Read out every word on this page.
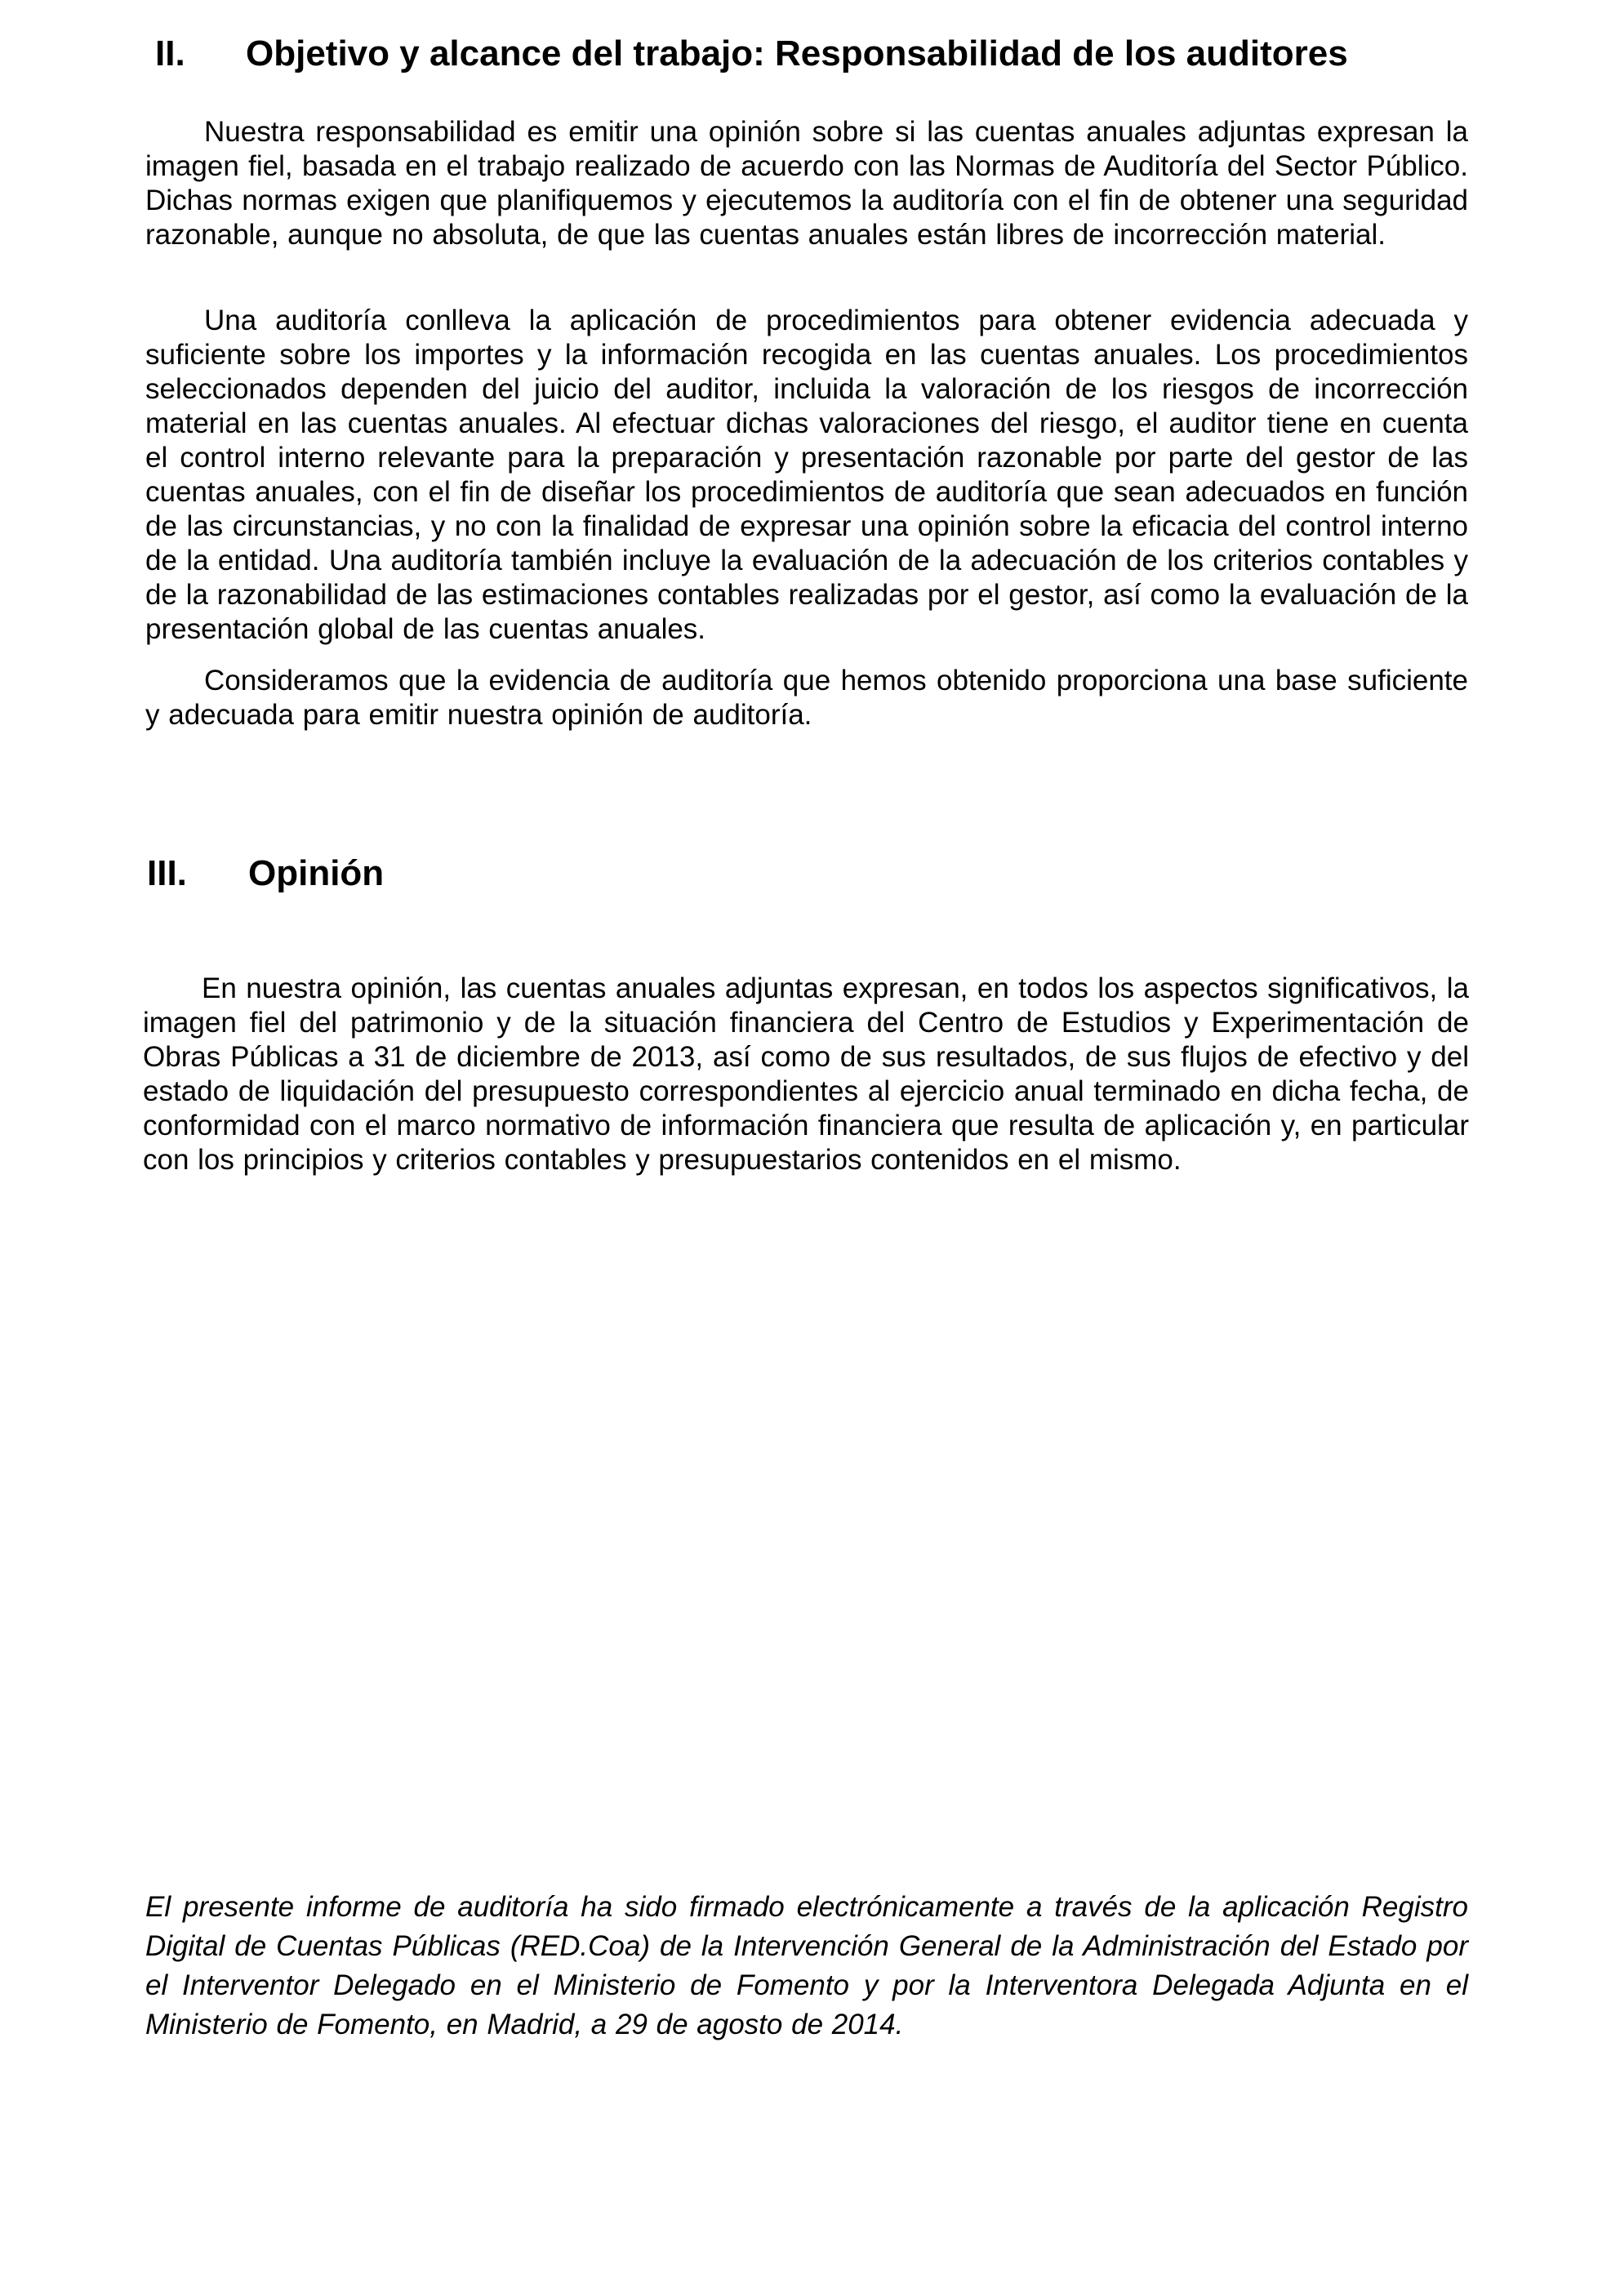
II. Objetivo y alcance del trabajo: Responsabilidad de los auditores

Nuestra responsabilidad es emitir una opinión sobre si las cuentas anuales adjuntas expresan la imagen fiel, basada en el trabajo realizado de acuerdo con las Normas de Auditoría del Sector Público. Dichas normas exigen que planifiquemos y ejecutemos la auditoría con el fin de obtener una seguridad razonable, aunque no absoluta, de que las cuentas anuales están libres de incorrección material.

Una auditoría conlleva la aplicación de procedimientos para obtener evidencia adecuada y suficiente sobre los importes y la información recogida en las cuentas anuales. Los procedimientos seleccionados dependen del juicio del auditor, incluida la valoración de los riesgos de incorrección material en las cuentas anuales. Al efectuar dichas valoraciones del riesgo, el auditor tiene en cuenta el control interno relevante para la preparación y presentación razonable por parte del gestor de las cuentas anuales, con el fin de diseñar los procedimientos de auditoría que sean adecuados en función de las circunstancias, y no con la finalidad de expresar una opinión sobre la eficacia del control interno de la entidad. Una auditoría también incluye la evaluación de la adecuación de los criterios contables y de la razonabilidad de las estimaciones contables realizadas por el gestor, así como la evaluación de la presentación global de las cuentas anuales.

Consideramos que la evidencia de auditoría que hemos obtenido proporciona una base suficiente y adecuada para emitir nuestra opinión de auditoría.

III. Opinión

En nuestra opinión, las cuentas anuales adjuntas expresan, en todos los aspectos significativos, la imagen fiel del patrimonio y de la situación financiera del Centro de Estudios y Experimentación de Obras Públicas a 31 de diciembre de 2013, así como de sus resultados, de sus flujos de efectivo y del estado de liquidación del presupuesto correspondientes al ejercicio anual terminado en dicha fecha, de conformidad con el marco normativo de información financiera que resulta de aplicación y, en particular con los principios y criterios contables y presupuestarios contenidos en el mismo.

El presente informe de auditoría ha sido firmado electrónicamente a través de la aplicación Registro Digital de Cuentas Públicas (RED.Coa) de la Intervención General de la Administración del Estado por el Interventor Delegado en el Ministerio de Fomento y por la Interventora Delegada Adjunta en el Ministerio de Fomento, en Madrid, a 29 de agosto de 2014.
